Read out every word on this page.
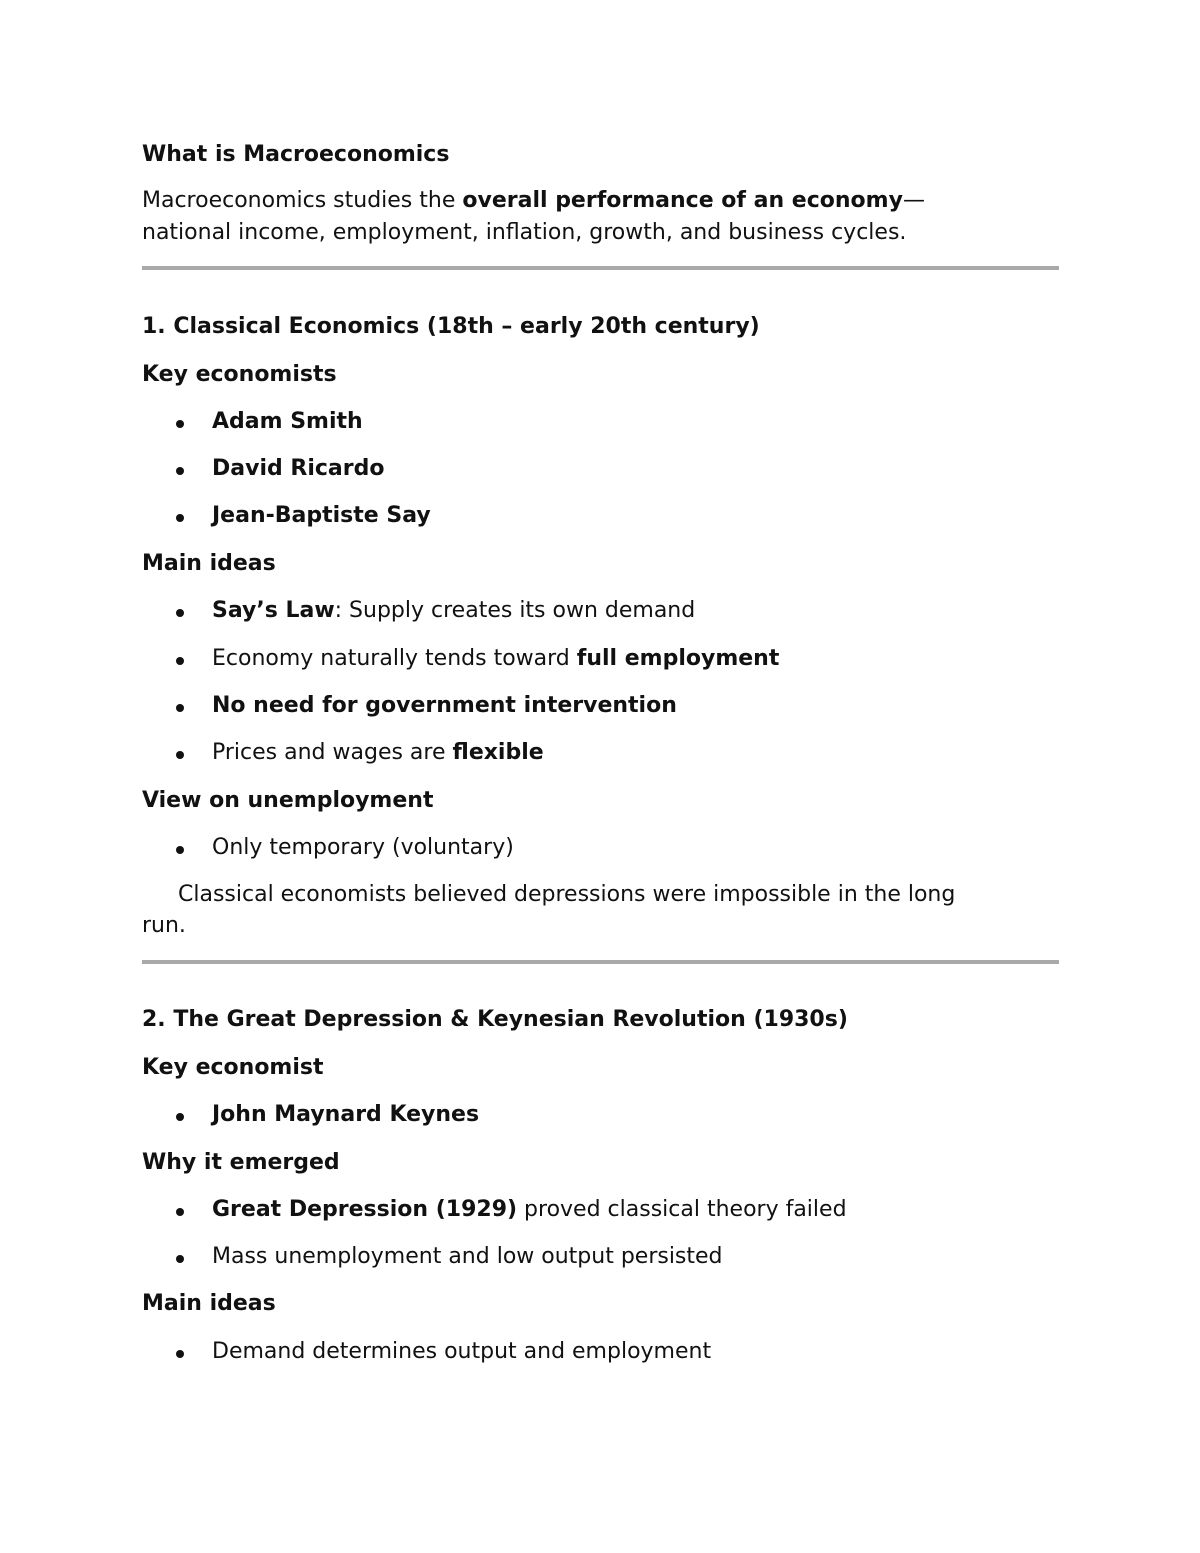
What is Macroeconomics
Macroeconomics studies the overall performance of an economy—
national income, employment, inflation, growth, and business cycles.
1. Classical Economics (18th – early 20th century)
Key economists
Adam Smith
David Ricardo
Jean-Baptiste Say
Main ideas
Say’s Law: Supply creates its own demand
Economy naturally tends toward full employment
No need for government intervention
Prices and wages are flexible
View on unemployment
Only temporary (voluntary)
Classical economists believed depressions were impossible in the long
run.
2. The Great Depression & Keynesian Revolution (1930s)
Key economist
John Maynard Keynes
Why it emerged
Great Depression (1929) proved classical theory failed
Mass unemployment and low output persisted
Main ideas
Demand determines output and employment
